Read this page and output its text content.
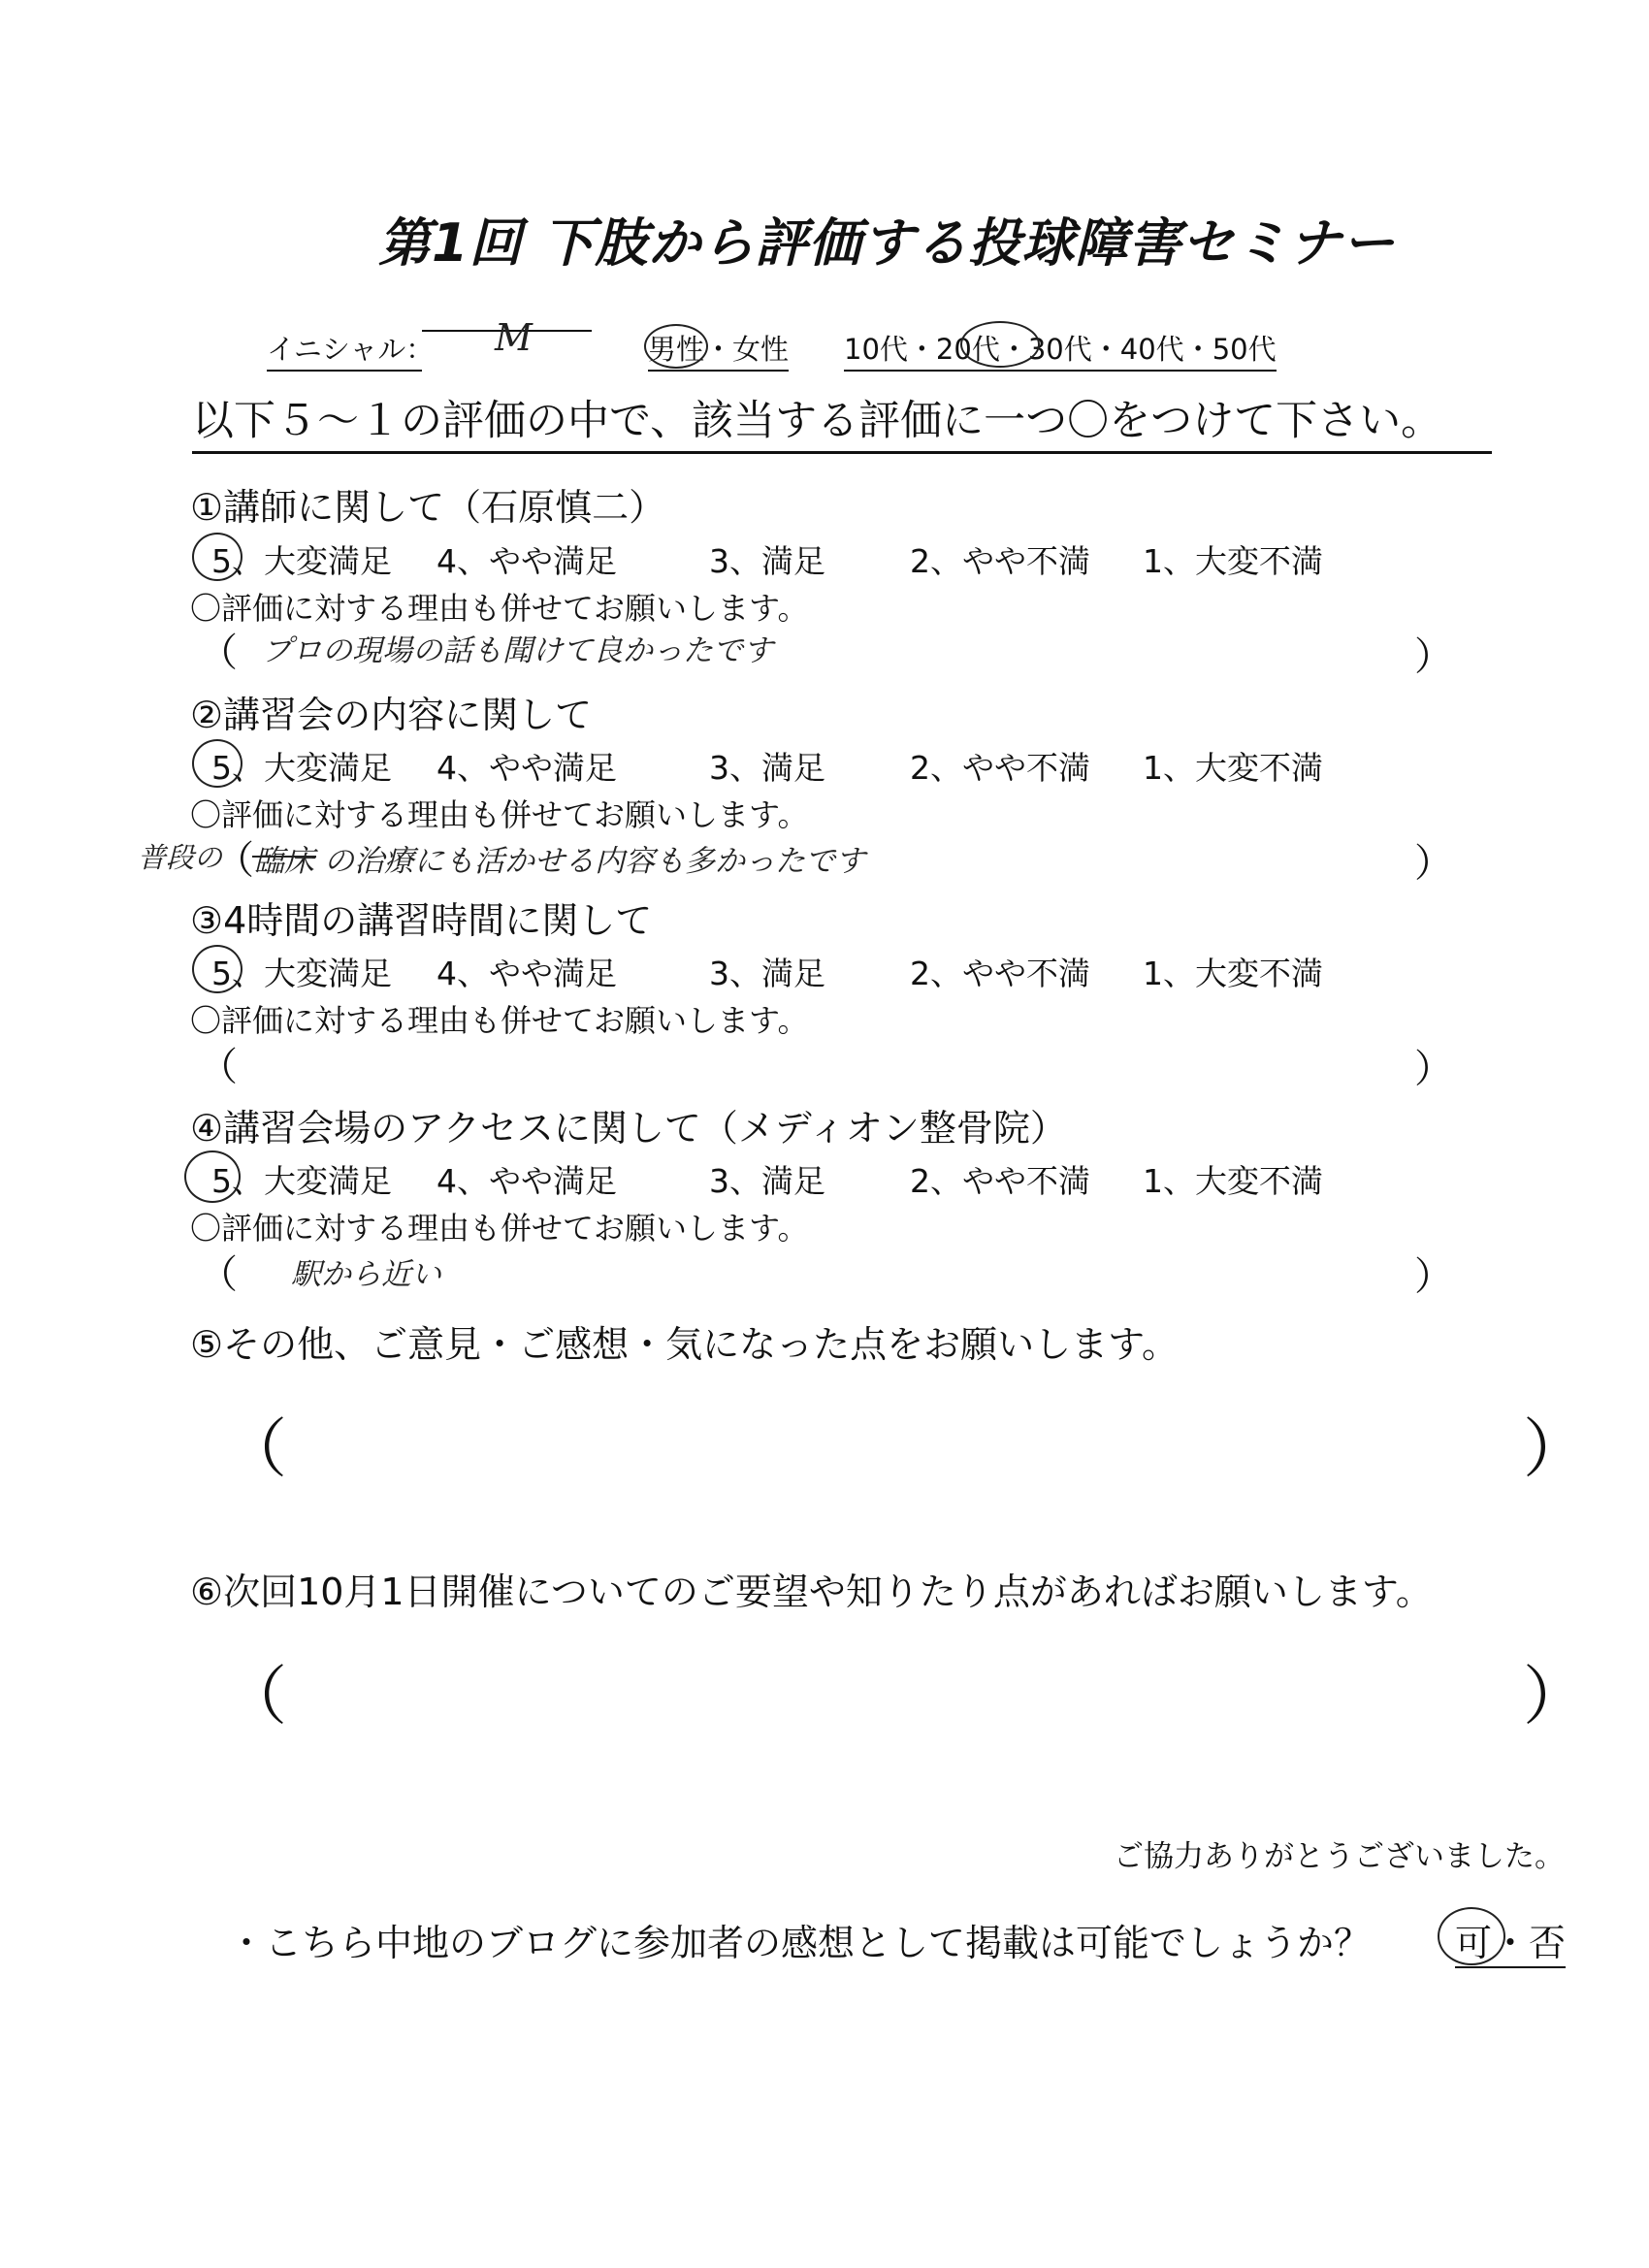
第1回 下肢から評価する投球障害セミナー
イニシャル： M	男性・女性 10代・20代・30代・40代・50代
以下５～１の評価の中で、該当する評価に一つ〇をつけて下さい。
①講師に関して（石原慎二）
5、大変満足 4、やや満足	3、満足	2、やや不満 1、大変不満
〇評価に対する理由も併せてお願いします。
（ プロの現場の話も聞けて良かったです	）
②講習会の内容に関して
5、大変満足 4、やや満足	3、満足	2、やや不満 1、大変不満
〇評価に対する理由も併せてお願いします。
普段の
（ 臨床 の治療にも活かせる内容も多かったです	）
③4時間の講習時間に関して
5、大変満足 4、やや満足	3、満足	2、やや不満 1、大変不満
〇評価に対する理由も併せてお願いします。
（	）
④講習会場のアクセスに関して（メディオン整骨院）
5、大変満足 4、やや満足	3、満足	2、やや不満 1、大変不満
〇評価に対する理由も併せてお願いします。
（ 駅から近い	）
⑤その他、ご意見・ご感想・気になった点をお願いします。
（	）
⑥次回10月1日開催についてのご要望や知りたり点があればお願いします。
（	）
ご協力ありがとうございました。
・こちら中地のブログに参加者の感想として掲載は可能でしょうか？ 可・否
